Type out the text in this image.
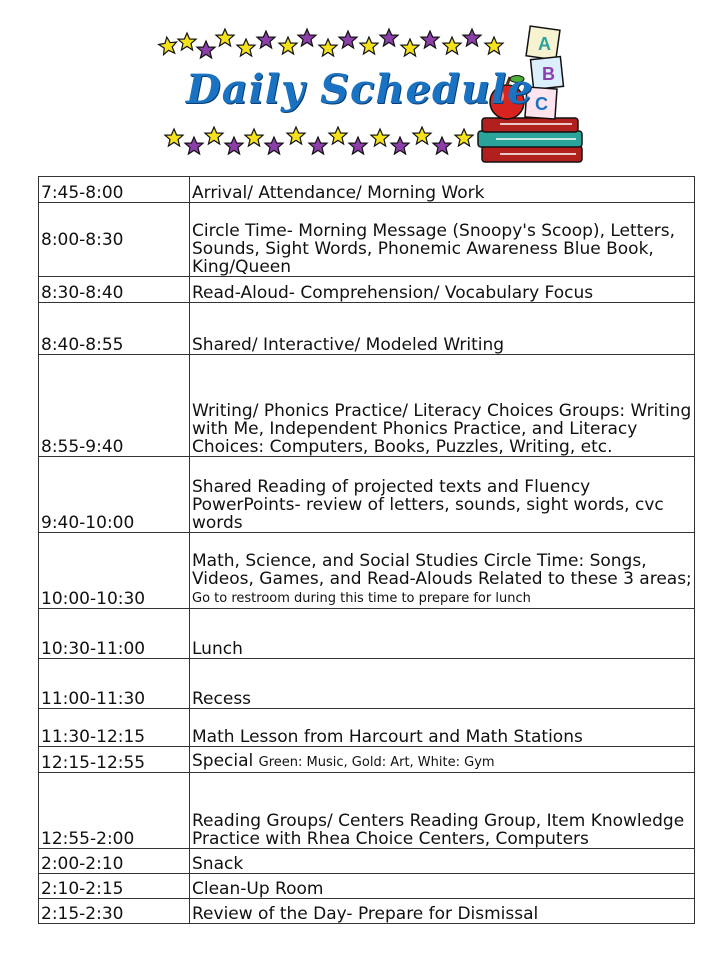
A
B
C
Daily Schedule
7:45-8:00	Arrival/ Attendance/ Morning Work
8:00-8:30	Circle Time- Morning Message (Snoopy's Scoop), Letters, Sounds, Sight Words, Phonemic Awareness Blue Book, King/Queen
8:30-8:40	Read-Aloud- Comprehension/ Vocabulary Focus
8:40-8:55	Shared/ Interactive/ Modeled Writing
8:55-9:40	Writing/ Phonics Practice/ Literacy Choices Groups: Writing with Me, Independent Phonics Practice, and Literacy Choices: Computers, Books, Puzzles, Writing, etc.
9:40-10:00	Shared Reading of projected texts and Fluency PowerPoints- review of letters, sounds, sight words, cvc words
10:00-10:30	Math, Science, and Social Studies Circle Time: Songs, Videos, Games, and Read-Alouds Related to these 3 areas;
Go to restroom during this time to prepare for lunch
10:30-11:00	Lunch
11:00-11:30	Recess
11:30-12:15	Math Lesson from Harcourt and Math Stations
12:15-12:55	Special Green: Music, Gold: Art, White: Gym
12:55-2:00	Reading Groups/ Centers Reading Group, Item Knowledge Practice with Rhea Choice Centers, Computers
2:00-2:10	Snack
2:10-2:15	Clean-Up Room
2:15-2:30	Review of the Day- Prepare for Dismissal
